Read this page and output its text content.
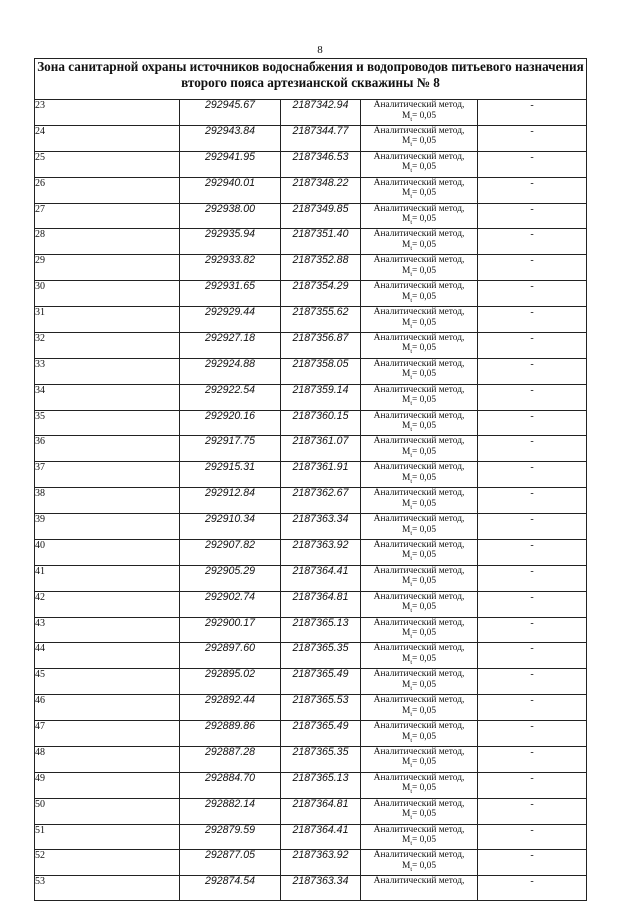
8
Зона санитарной охраны источников водоснабжения и водопроводов питьевого назначения
второго пояса артезианской скважины № 8				

23	292945.67	2187342.94	Аналитический метод,
$M_t= 0,05$	-
24	292943.84	2187344.77	Аналитический метод,
$M_t= 0,05$	-
25	292941.95	2187346.53	Аналитический метод,
$M_t= 0,05$	-
26	292940.01	2187348.22	Аналитический метод,
$M_t= 0,05$	-
27	292938.00	2187349.85	Аналитический метод,
$M_t= 0,05$	-
28	292935.94	2187351.40	Аналитический метод,
$M_t= 0,05$	-
29	292933.82	2187352.88	Аналитический метод,
$M_t= 0,05$	-
30	292931.65	2187354.29	Аналитический метод,
$M_t= 0,05$	-
31	292929.44	2187355.62	Аналитический метод,
$M_t= 0,05$	-
32	292927.18	2187356.87	Аналитический метод,
$M_t= 0,05$	-
33	292924.88	2187358.05	Аналитический метод,
$M_t= 0,05$	-
34	292922.54	2187359.14	Аналитический метод,
$M_t= 0,05$	-
35	292920.16	2187360.15	Аналитический метод,
$M_t= 0,05$	-
36	292917.75	2187361.07	Аналитический метод,
$M_t= 0,05$	-
37	292915.31	2187361.91	Аналитический метод,
$M_t= 0,05$	-
38	292912.84	2187362.67	Аналитический метод,
$M_t= 0,05$	-
39	292910.34	2187363.34	Аналитический метод,
$M_t= 0,05$	-
40	292907.82	2187363.92	Аналитический метод,
$M_t= 0,05$	-
41	292905.29	2187364.41	Аналитический метод,
$M_t= 0,05$	-
42	292902.74	2187364.81	Аналитический метод,
$M_t= 0,05$	-
43	292900.17	2187365.13	Аналитический метод,
$M_t= 0,05$	-
44	292897.60	2187365.35	Аналитический метод,
$M_t= 0,05$	-
45	292895.02	2187365.49	Аналитический метод,
$M_t= 0,05$	-
46	292892.44	2187365.53	Аналитический метод,
$M_t= 0,05$	-
47	292889.86	2187365.49	Аналитический метод,
$M_t= 0,05$	-
48	292887.28	2187365.35	Аналитический метод,
$M_t= 0,05$	-
49	292884.70	2187365.13	Аналитический метод,
$M_t= 0,05$	-
50	292882.14	2187364.81	Аналитический метод,
$M_t= 0,05$	-
51	292879.59	2187364.41	Аналитический метод,
$M_t= 0,05$	-
52	292877.05	2187363.92	Аналитический метод,
$M_t= 0,05$	-
53	292874.54	2187363.34	Аналитический метод,	-
